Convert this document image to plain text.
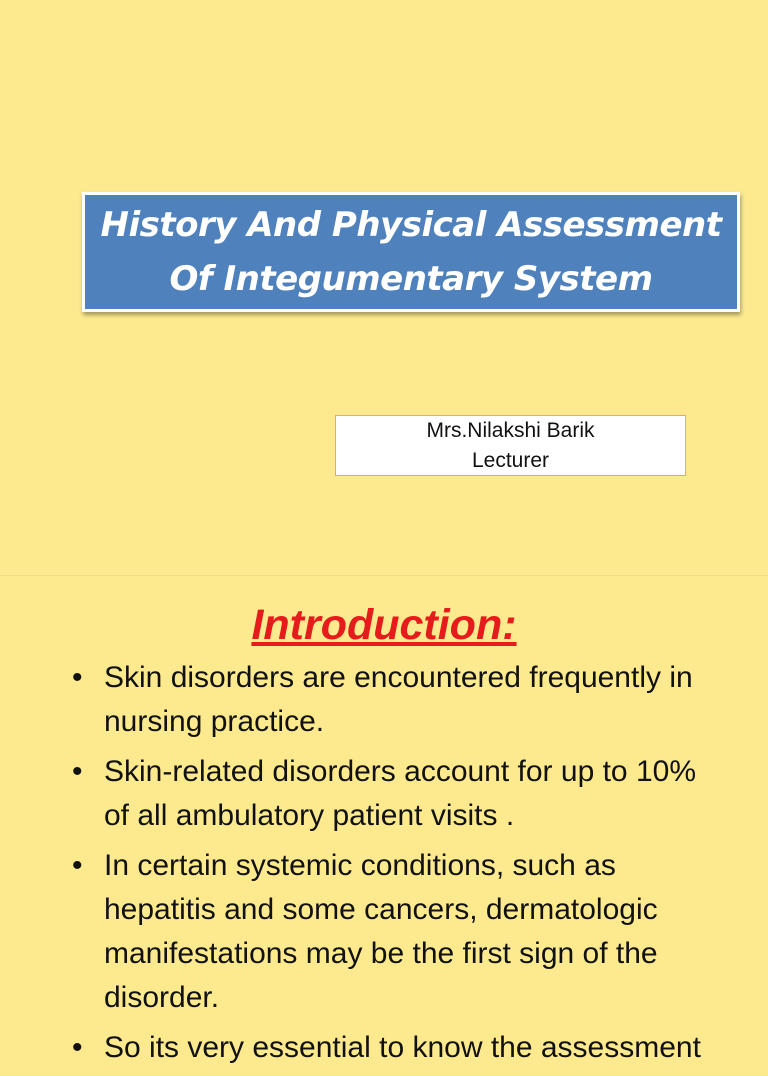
History And Physical Assessment
Of Integumentary System
Mrs.Nilakshi Barik
Lecturer
Introduction:
• Skin disorders are encountered frequently in nursing practice.
• Skin-related disorders account for up to 10% of all ambulatory patient visits .
• In certain systemic conditions, such as hepatitis and some cancers, dermatologic manifestations may be the first sign of the disorder.
• So its very essential to know the assessment
